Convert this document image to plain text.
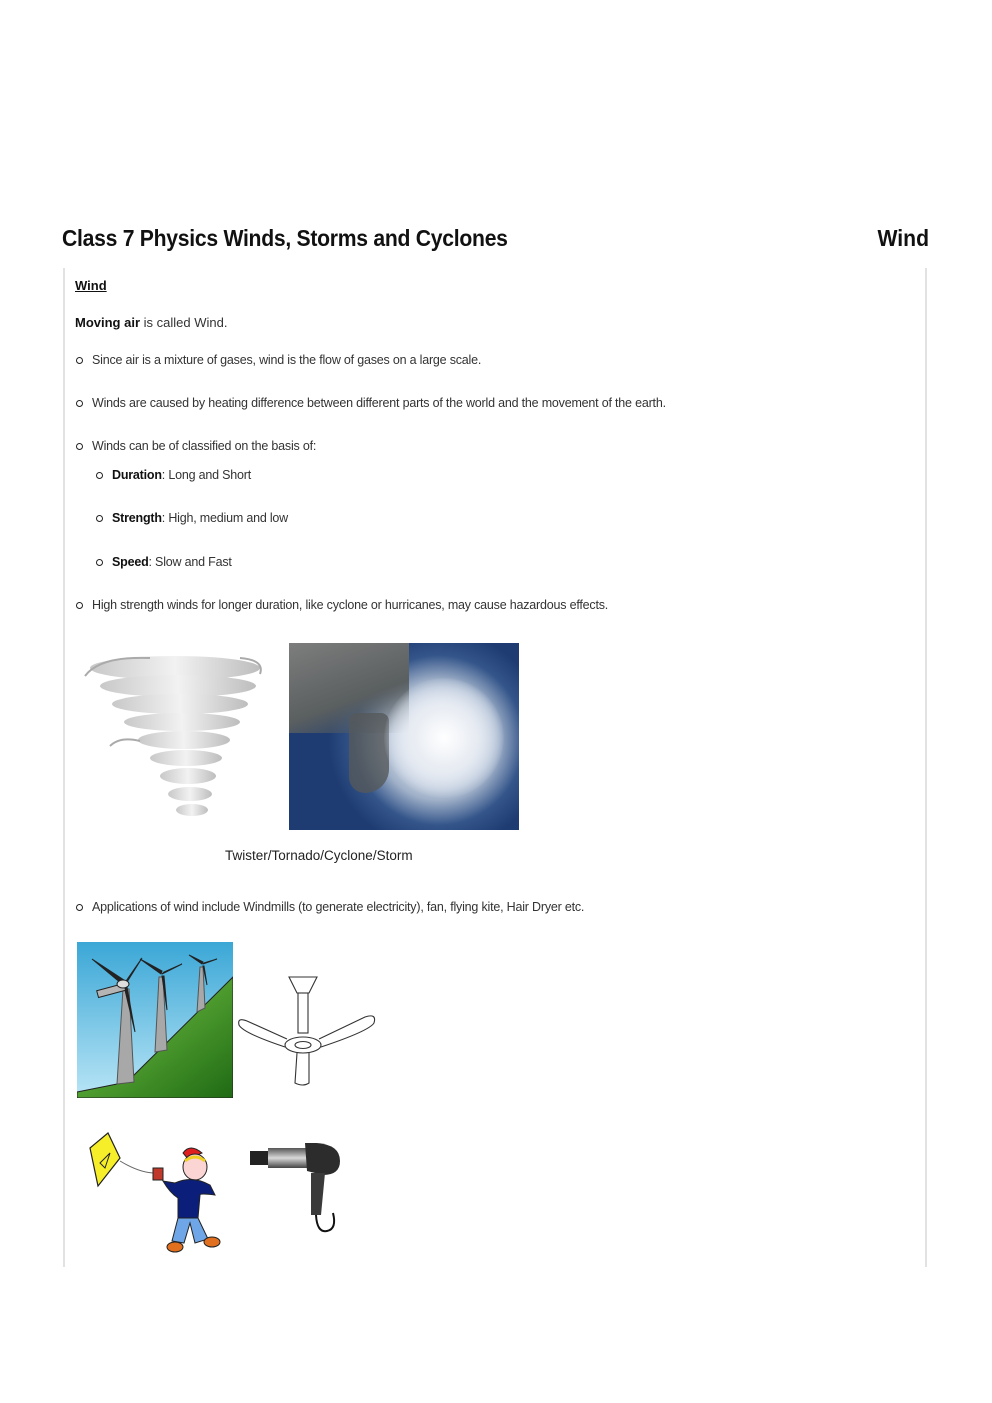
Class 7 Physics Winds, Storms and Cyclones	Wind
Wind
Moving air is called Wind.
Since air is a mixture of gases, wind is the flow of gases on a large scale.
Winds are caused by heating difference between different parts of the world and the movement of the earth.
Winds can be of classified on the basis of:
Duration : Long and Short
Strength : High, medium and low
Speed : Slow and Fast
High strength winds for longer duration, like cyclone or hurricanes, may cause hazardous effects.
Twister/Tornado/Cyclone/Storm
Applications of wind include Windmills (to generate electricity), fan, flying kite, Hair Dryer etc.
